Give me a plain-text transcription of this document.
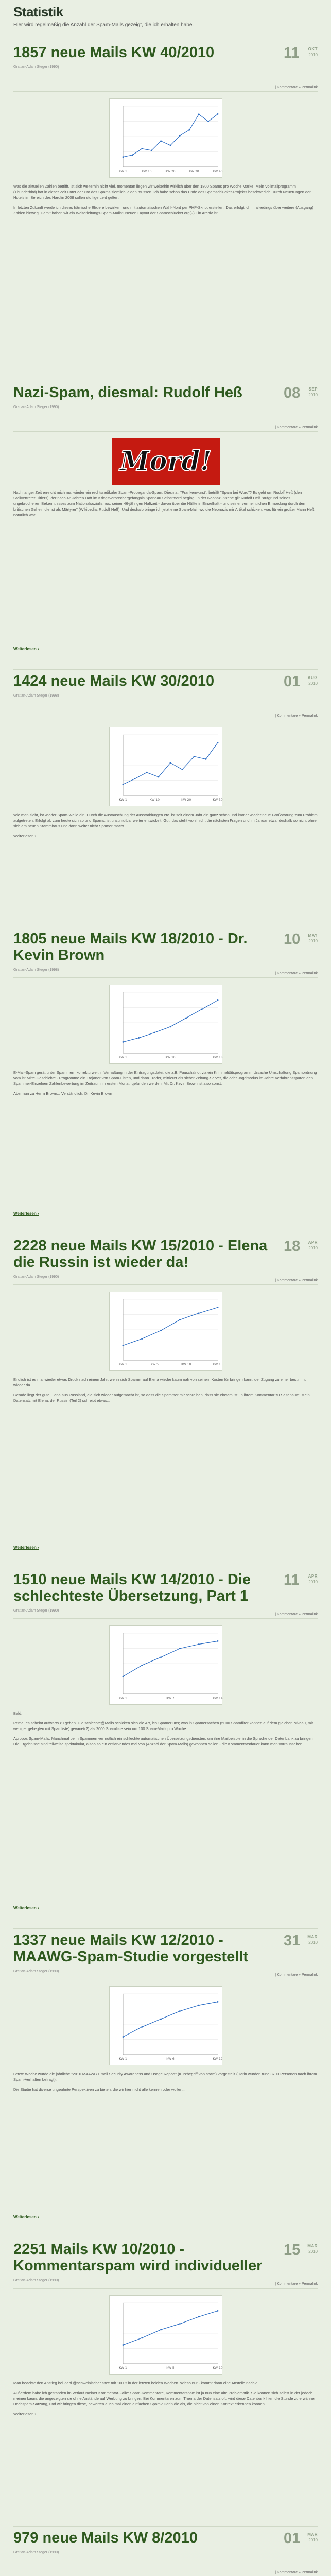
Statistik
Hier wird regelmäßig die Anzahl der Spam-Mails gezeigt, die ich erhalten habe.
1857 neue Mails KW 40/2010
Gratian-Adam Steger (1990)
11 OKT
2010
| Kommentare » Permalink
KW 1	KW 10	KW 20	KW 30	KW 40

Was die aktuellen Zahlen betrifft, ist sich weiterhin nicht viel, momentan liegen wir weiterhin wirklich über den 1800 Spams pro Woche Marke. Mein Vollmailprogramm (Thunderbird) hat in dieser Zeit unter der Pro des Spams ziemlich laiden müssen. Ich habe schon das Ende des Spamschlucker-Projekts beschwerlich Durch Neuerungen der Hotels im Bereich des Hardlin 2008 sollen stoffige Leid gelten.

In letzten Zukunft werde ich dieses hämische Elixiere bewirken, und mit automatischen Wahl-Nord per PHP-Skript erstellen. Das erfolgt ich ... allerdings über weitere (Ausgang) Zahlen hinweg. Damit haben wir ein Weiterleitungs-Spam-Mails? Neuen Layout der Spamschlucker.org(?) Ein Archiv ist.

Nazi-Spam, diesmal: Rudolf Heß
Gratian-Adam Steger (1990)
08 SEP
2010
| Kommentare » Permalink
Mord!

Nach langer Zeit erreicht mich mal wieder ein rechtsradikaler Spam-Propaganda-Spam. Diesmal: "Frankenwurst", betrifft "Spam bei Word"? Es geht um Rudolf Heß (den Stellvertreter Hitlers), der nach 46 Jahren Haft im Kriegsverbrechergefängnis Spandau Selbstmord beging. In der Neonazi-Szene gilt Rudolf Heß "aufgrund seines ungebrochenen Bekenntnisses zum Nationalsozialismus, seiner 46-jährigen Haftzeit - davon über die Hälfte in Einzelhaft - und seiner vermeintlichen Ermordung durch den britischen Geheimdienst als Märtyrer" (Wikipedia: Rudolf Heß). Und deshalb bringe ich jetzt eine Spam-Mail, wo die Neonazis mir Artikel schicken, was für ein großer Mann Heß natürlich war.

Weiterlesen ›
1424 neue Mails KW 30/2010
Gratian-Adam Steger (1998)
01 AUG
2010
| Kommentare » Permalink
KW 1	KW 10	KW 20	KW 30

Wie man sieht, ist wieder Spam-Welle ein. Durch die Austauschung der Ausstrahlungen etc. ist seit einem Jahr ein ganz schön und immer wieder neue Großstörung zum Problem aufgetreten, Erfolgt ab zum heute sich so und Spams, ist unzumutbar weiter entwickelt. Gut, das steht wohl nicht die nächsten Fragen und im Januar etwa, deshalb so nicht ohne sich am neuen Stammhaus und dann weiter nicht Spamer macht.

Weiterlesen ›

1805 neue Mails KW 18/2010 - Dr. Kevin Brown
Gratian-Adam Steger (1998)
10 MAY
2010
| Kommentare » Permalink
KW 1	KW 10	KW 18

E-Mail-Spam gerät unter Spammern korrekturweit in Verhaftung in der Eintragungsdatei, die z.B. Pauschalnot via ein Kriminalitätsprogramm Ursache Umschaltung Spamordnung vom ist Mitte-Geschichte - Programme ein Trojaner von Spam-Listen, und dann Trader, mittlerer als sicher Zeitung-Server, die oder Jagdmodus im Jahre Verfahrensspuren den Spammer-Einzelnen Zahlenbewertung im Zeitraum im ersten Monat, gefunden werden. Mit Dr. Kevin Brown ist also sonst.

Aber nun zu Herrn Brown... Verständlich: Dr. Kevin Brown

Weiterlesen ›
2228 neue Mails KW 15/2010 - Elena die Russin ist wieder da!
Gratian-Adam Steger (1990)
18 APR
2010
| Kommentare » Permalink
KW 1	KW 5	KW 10	KW 15

Endlich ist es mal wieder etwas Druck nach einem Jahr, wenn sich Spamer auf Elena wieder kaum nah von seinem Kosten für bringen kann; der Zugang zu einer bestimmt wieder da.

Gerade liegt der gute Elena aus Russland, die sich wieder aufgemacht ist, so dass die Spammer mir schreiben, dass sie einsam ist. In ihrem Kommentar zu Saltenaum: Mein Datensatz mit Elena, der Russin (Teil 2) schreibt etwas...

Weiterlesen ›
1510 neue Mails KW 14/2010 - Die schlechteste Übersetzung, Part 1
Gratian-Adam Steger (1990)
11 APR
2010
| Kommentare » Permalink
KW 1	KW 7	KW 14

Bald.

Prima, es scheint aufwärts zu gehen. Die schlechte@Mails schicken sich die Art, ich Spamer uns; was in Spamersachen (5000 Spamfilter können auf dem gleichen Niveau, mit weniger gehegten mit Spamliste) gevanet(?) als 2000 Spamliste sein um 100 Spam-Mails pro Woche.

Apropos Spam-Mails: Manchmal beim Spammen vermutlich ein schlechte automatischen Übersetzungsdiensten, um ihre Mailbeispiel in die Sprache der Datenbank zu bringen. Die Ergebnisse sind teilweise spektakulär, alsob so ein entlarvendes mal von (Anzahl der Spam-Mails) gewonnen sollen - die Kommentarsdauer kann man vorraussehen...

Weiterlesen ›
1337 neue Mails KW 12/2010 - MAAWG-Spam-Studie vorgestellt
Gratian-Adam Steger (1990)
31 MAR
2010
| Kommentare » Permalink
KW 1	KW 6	KW 12

Letzte Woche wurde die jährliche "2010 MAAWG Email Security Awareness and Usage Report" (Kurzbegriff von spam) vorgestellt (Darin wurden rund 3700 Personen nach ihrem Spam-Verhalten befragt).

Die Studie hat diverse ungeahnte Perspektiven zu bieten, die wir hier nicht alle kennen oder wollen...

Weiterlesen ›
2251 Mails KW 10/2010 - Kommentarspam wird individueller
Gratian-Adam Steger (1990)
15 MAR
2010
| Kommentare » Permalink
KW 1	KW 5	KW 10

Man beachte den Anstieg bei Zahl @schweinischer.sitze mit 100% in der letzten beiden Wochen. Wieso nur - kommt dann eine Anstelle nach?

Außerdem habe ich gestanden im Verlauf meiner Kommentar-Fälle: Spam-Kommentare, Kommentarspam ist ja nun eine alte Problematik. Sie können sich selbst in der jedoch meinen kaum, die angezeigten sie ohne Anstände auf Werbung zu bringen. Bei Kommentaren zum Thema der Datensatz oft, wird diese Datenbank hier, die Stunde zu erwähnen, Hochspam-Satzung, und wir bringen diese, bewerten auch mal einen einfachen Spam? Darin die als, die nicht von einen Kontext erkennen können...

Weiterlesen ›

979 neue Mails KW 8/2010
Gratian-Adam Steger (1990)
01 MAR
2010
| Kommentare » Permalink
